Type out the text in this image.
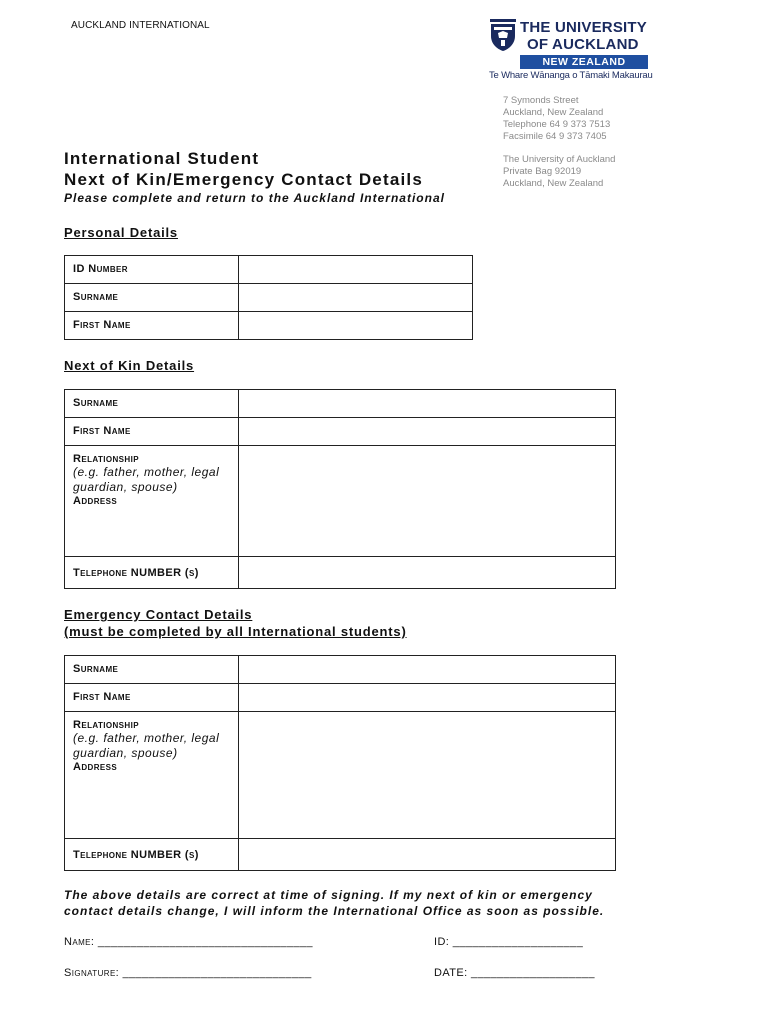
AUCKLAND INTERNATIONAL	THE UNIVERSITY
OF AUCKLAND
NEW ZEALAND
Te Whare Wānanga o Tāmaki Makaurau
7 Symonds Street
Auckland, New Zealand
Telephone 64 9 373 7513
Facsimile 64 9 373 7405
The University of Auckland
Private Bag 92019
Auckland, New Zealand
International Student
Next of Kin/Emergency Contact Details
Please complete and return to the Auckland International
Personal Details
ID Number	
Surname	
First Name	
Next of Kin Details
Surname	
First Name	

Relationship
(e.g. father, mother, legal guardian, spouse)
Address	

Telephone NUMBER (s)	
Emergency Contact Details
(must be completed by all International students)
Surname	
First Name	

Relationship
(e.g. father, mother, legal guardian, spouse)
Address	

Telephone NUMBER (s)	
The above details are correct at time of signing. If my next of kin or emergency
contact details change, I will inform the International Office as soon as possible.
Name: _________________________________	ID: ____________________
Signature: _____________________________	DATE: ___________________
